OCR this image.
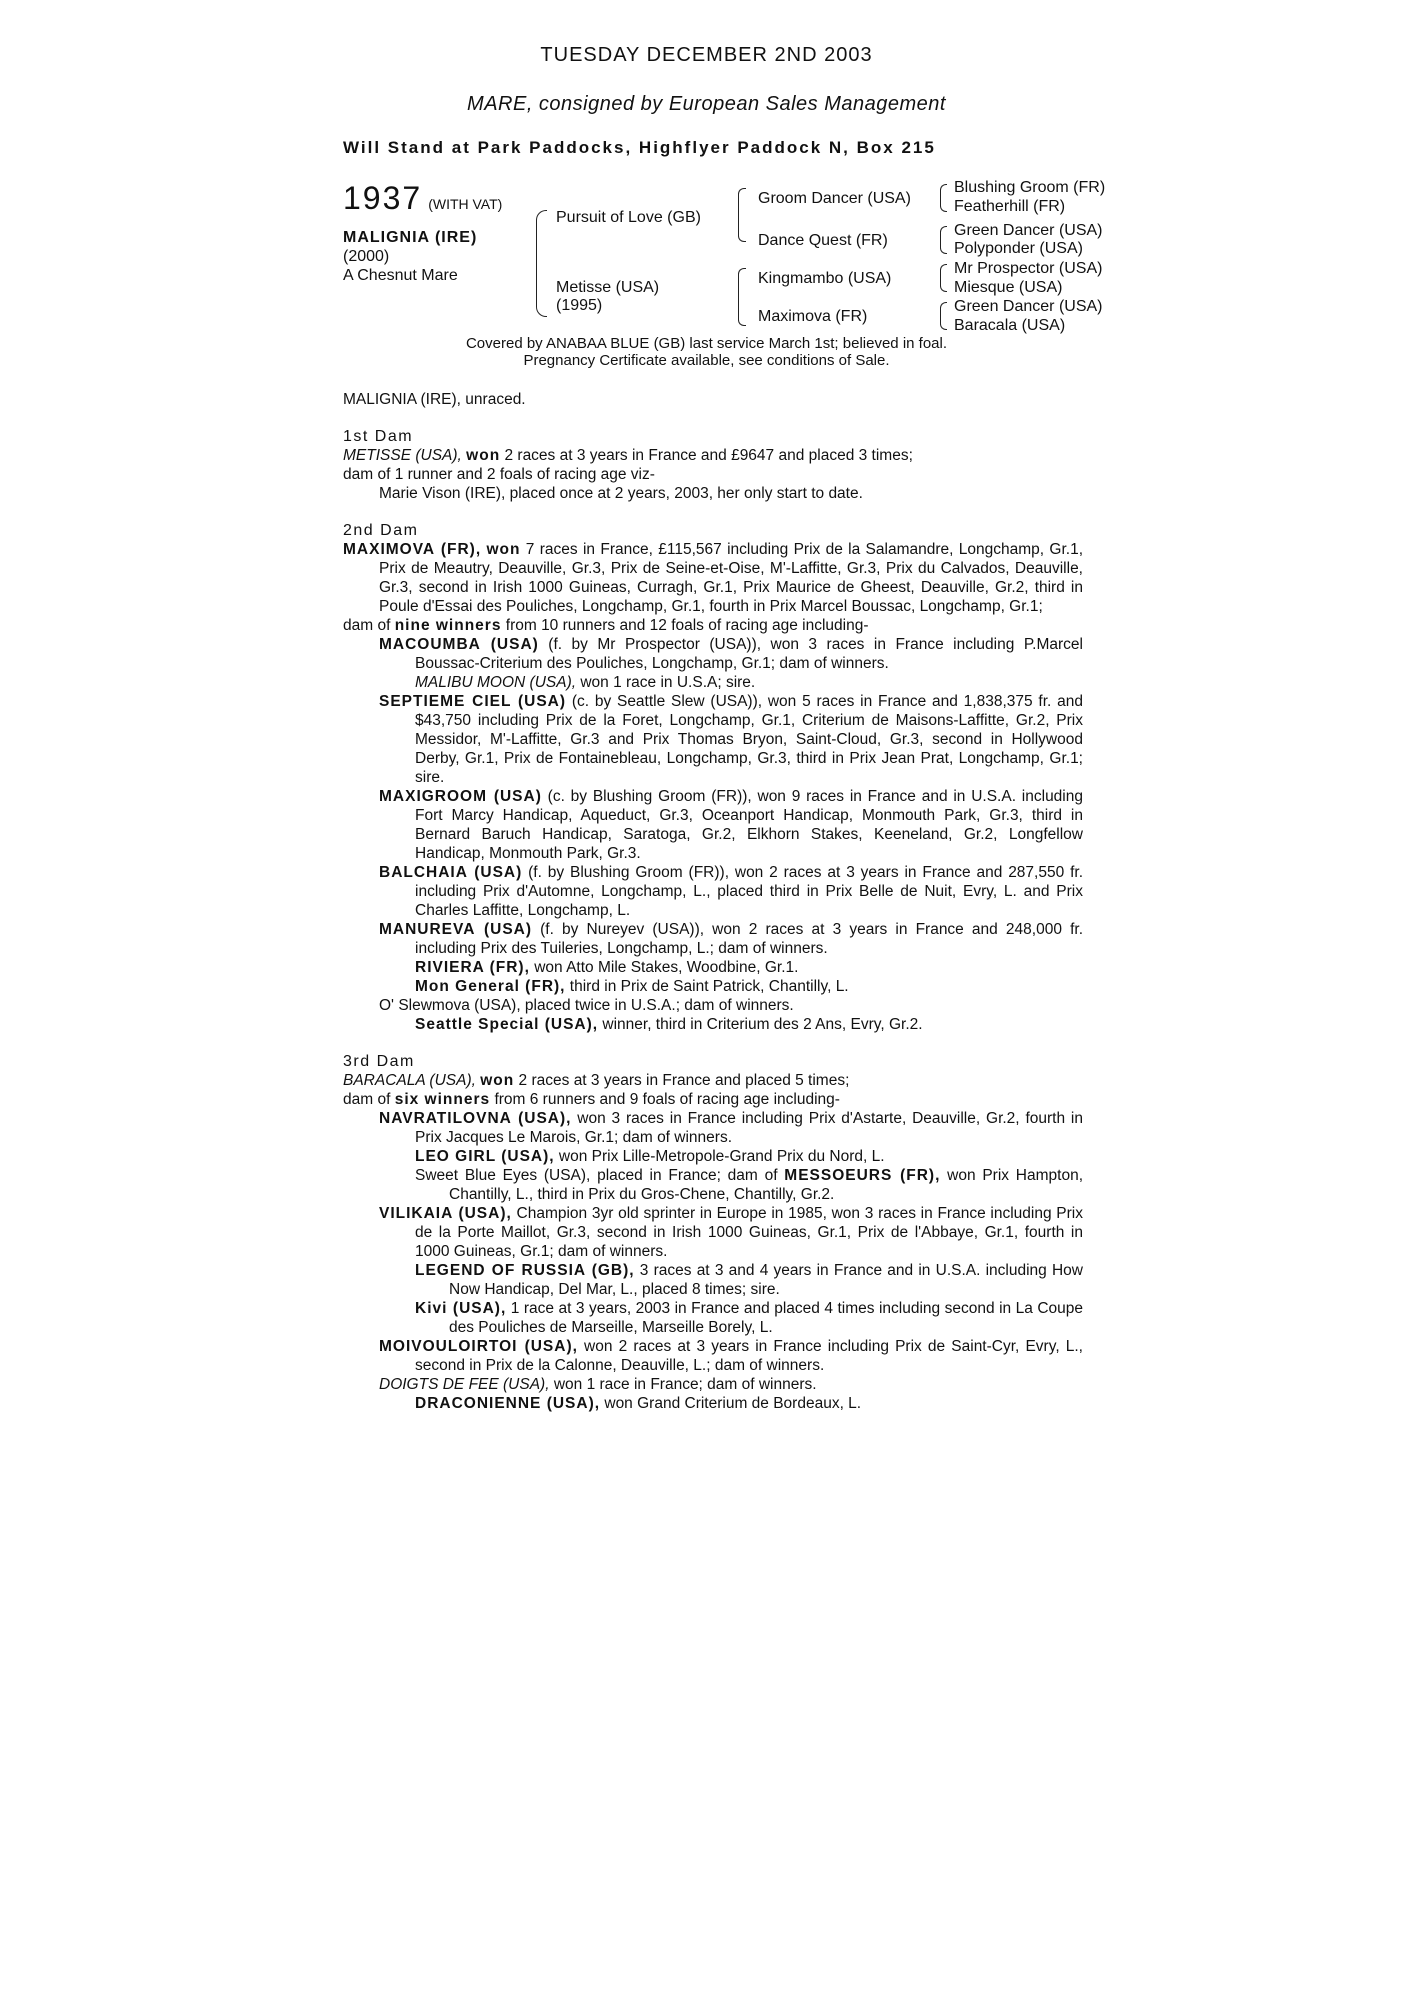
TUESDAY DECEMBER 2ND 2003
MARE, consigned by European Sales Management
Will Stand at Park Paddocks, Highflyer Paddock N, Box 215
1937 (WITH VAT)
MALIGNIA (IRE)
(2000)
A Chesnut Mare
Pursuit of Love (GB)
Metisse (USA)
(1995)
Groom Dancer (USA)
Dance Quest (FR)
Kingmambo (USA)
Maximova (FR)
Blushing Groom (FR)
Featherhill (FR)
Green Dancer (USA)
Polyponder (USA)
Mr Prospector (USA)
Miesque (USA)
Green Dancer (USA)
Baracala (USA)
Covered by ANABAA BLUE (GB) last service March 1st; believed in foal.
Pregnancy Certificate available, see conditions of Sale.

MALIGNIA (IRE), unraced.

1st Dam

METISSE (USA), won 2 races at 3 years in France and £9647 and placed 3 times;

dam of 1 runner and 2 foals of racing age viz-

Marie Vison (IRE), placed once at 2 years, 2003, her only start to date.

2nd Dam

MAXIMOVA (FR), won 7 races in France, £115,567 including Prix de la Salamandre, Longchamp, Gr.1, Prix de Meautry, Deauville, Gr.3, Prix de Seine-et-Oise, M'-Laffitte, Gr.3, Prix du Calvados, Deauville, Gr.3, second in Irish 1000 Guineas, Curragh, Gr.1, Prix Maurice de Gheest, Deauville, Gr.2, third in Poule d'Essai des Pouliches, Longchamp, Gr.1, fourth in Prix Marcel Boussac, Longchamp, Gr.1;

dam of nine winners from 10 runners and 12 foals of racing age including-

MACOUMBA (USA) (f. by Mr Prospector (USA)), won 3 races in France including P.Marcel Boussac-Criterium des Pouliches, Longchamp, Gr.1; dam of winners.

MALIBU MOON (USA), won 1 race in U.S.A; sire.

SEPTIEME CIEL (USA) (c. by Seattle Slew (USA)), won 5 races in France and 1,838,375 fr. and $43,750 including Prix de la Foret, Longchamp, Gr.1, Criterium de Maisons-Laffitte, Gr.2, Prix Messidor, M'-Laffitte, Gr.3 and Prix Thomas Bryon, Saint-Cloud, Gr.3, second in Hollywood Derby, Gr.1, Prix de Fontainebleau, Longchamp, Gr.3, third in Prix Jean Prat, Longchamp, Gr.1; sire.

MAXIGROOM (USA) (c. by Blushing Groom (FR)), won 9 races in France and in U.S.A. including Fort Marcy Handicap, Aqueduct, Gr.3, Oceanport Handicap, Monmouth Park, Gr.3, third in Bernard Baruch Handicap, Saratoga, Gr.2, Elkhorn Stakes, Keeneland, Gr.2, Longfellow Handicap, Monmouth Park, Gr.3.

BALCHAIA (USA) (f. by Blushing Groom (FR)), won 2 races at 3 years in France and 287,550 fr. including Prix d'Automne, Longchamp, L., placed third in Prix Belle de Nuit, Evry, L. and Prix Charles Laffitte, Longchamp, L.

MANUREVA (USA) (f. by Nureyev (USA)), won 2 races at 3 years in France and 248,000 fr. including Prix des Tuileries, Longchamp, L.; dam of winners.

RIVIERA (FR), won Atto Mile Stakes, Woodbine, Gr.1.

Mon General (FR), third in Prix de Saint Patrick, Chantilly, L.

O' Slewmova (USA), placed twice in U.S.A.; dam of winners.

Seattle Special (USA), winner, third in Criterium des 2 Ans, Evry, Gr.2.

3rd Dam

BARACALA (USA), won 2 races at 3 years in France and placed 5 times;

dam of six winners from 6 runners and 9 foals of racing age including-

NAVRATILOVNA (USA), won 3 races in France including Prix d'Astarte, Deauville, Gr.2, fourth in Prix Jacques Le Marois, Gr.1; dam of winners.

LEO GIRL (USA), won Prix Lille-Metropole-Grand Prix du Nord, L.

Sweet Blue Eyes (USA), placed in France; dam of MESSOEURS (FR), won Prix Hampton, Chantilly, L., third in Prix du Gros-Chene, Chantilly, Gr.2.

VILIKAIA (USA), Champion 3yr old sprinter in Europe in 1985, won 3 races in France including Prix de la Porte Maillot, Gr.3, second in Irish 1000 Guineas, Gr.1, Prix de l'Abbaye, Gr.1, fourth in 1000 Guineas, Gr.1; dam of winners.

LEGEND OF RUSSIA (GB), 3 races at 3 and 4 years in France and in U.S.A. including How Now Handicap, Del Mar, L., placed 8 times; sire.

Kivi (USA), 1 race at 3 years, 2003 in France and placed 4 times including second in La Coupe des Pouliches de Marseille, Marseille Borely, L.

MOIVOULOIRTOI (USA), won 2 races at 3 years in France including Prix de Saint-Cyr, Evry, L., second in Prix de la Calonne, Deauville, L.; dam of winners.

DOIGTS DE FEE (USA), won 1 race in France; dam of winners.

DRACONIENNE (USA), won Grand Criterium de Bordeaux, L.
